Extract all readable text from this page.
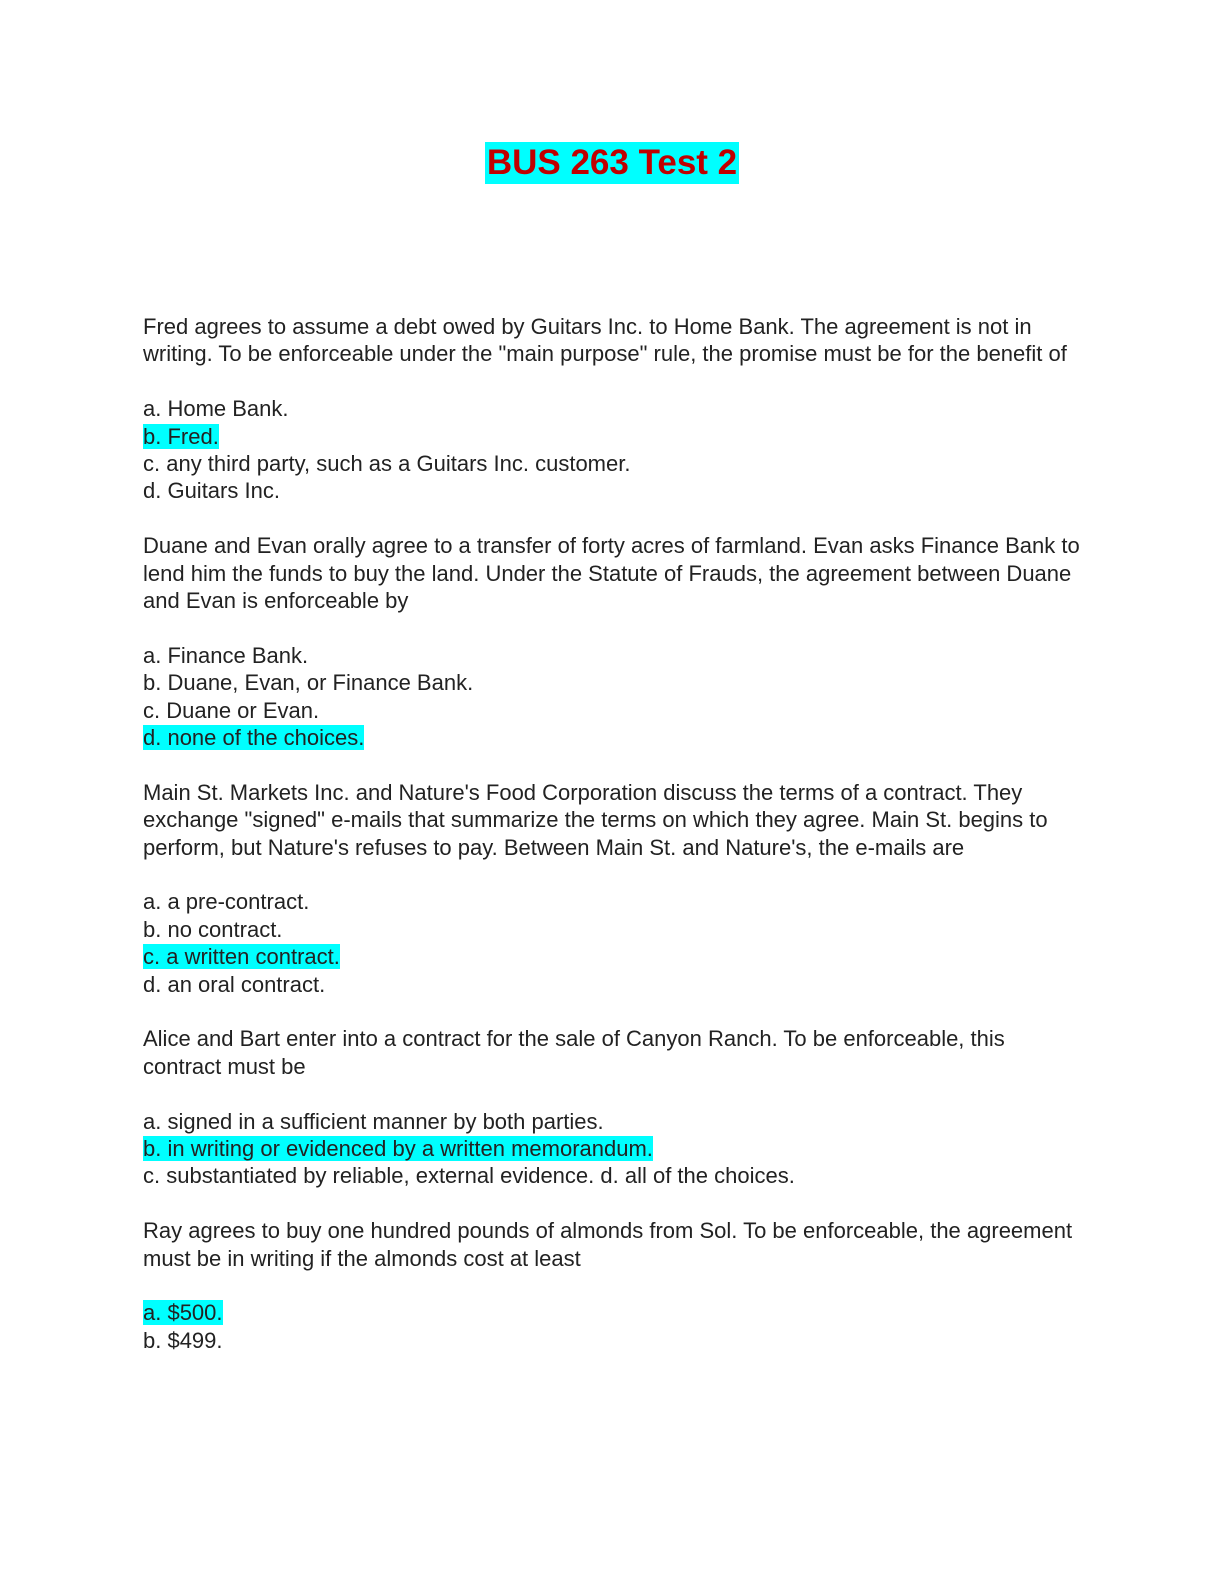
BUS 263 Test 2
Fred agrees to assume a debt owed by Guitars Inc. to Home Bank. The agreement is not in writing. To be enforceable under the "main purpose" rule, the promise must be for the benefit of
a. Home Bank.
b. Fred.
c. any third party, such as a Guitars Inc. customer.
d. Guitars Inc.
Duane and Evan orally agree to a transfer of forty acres of farmland. Evan asks Finance Bank to lend him the funds to buy the land. Under the Statute of Frauds, the agreement between Duane and Evan is enforceable by
a. Finance Bank.
b. Duane, Evan, or Finance Bank.
c. Duane or Evan.
d. none of the choices.
Main St. Markets Inc. and Nature's Food Corporation discuss the terms of a contract. They exchange "signed" e-mails that summarize the terms on which they agree. Main St. begins to perform, but Nature's refuses to pay. Between Main St. and Nature's, the e-mails are
a. a pre-contract.
b. no contract.
c. a written contract.
d. an oral contract.
Alice and Bart enter into a contract for the sale of Canyon Ranch. To be enforceable, this contract must be
a. signed in a sufficient manner by both parties.
b. in writing or evidenced by a written memorandum.
c. substantiated by reliable, external evidence. d. all of the choices.
Ray agrees to buy one hundred pounds of almonds from Sol. To be enforceable, the agreement must be in writing if the almonds cost at least
a. $500.
b. $499.
